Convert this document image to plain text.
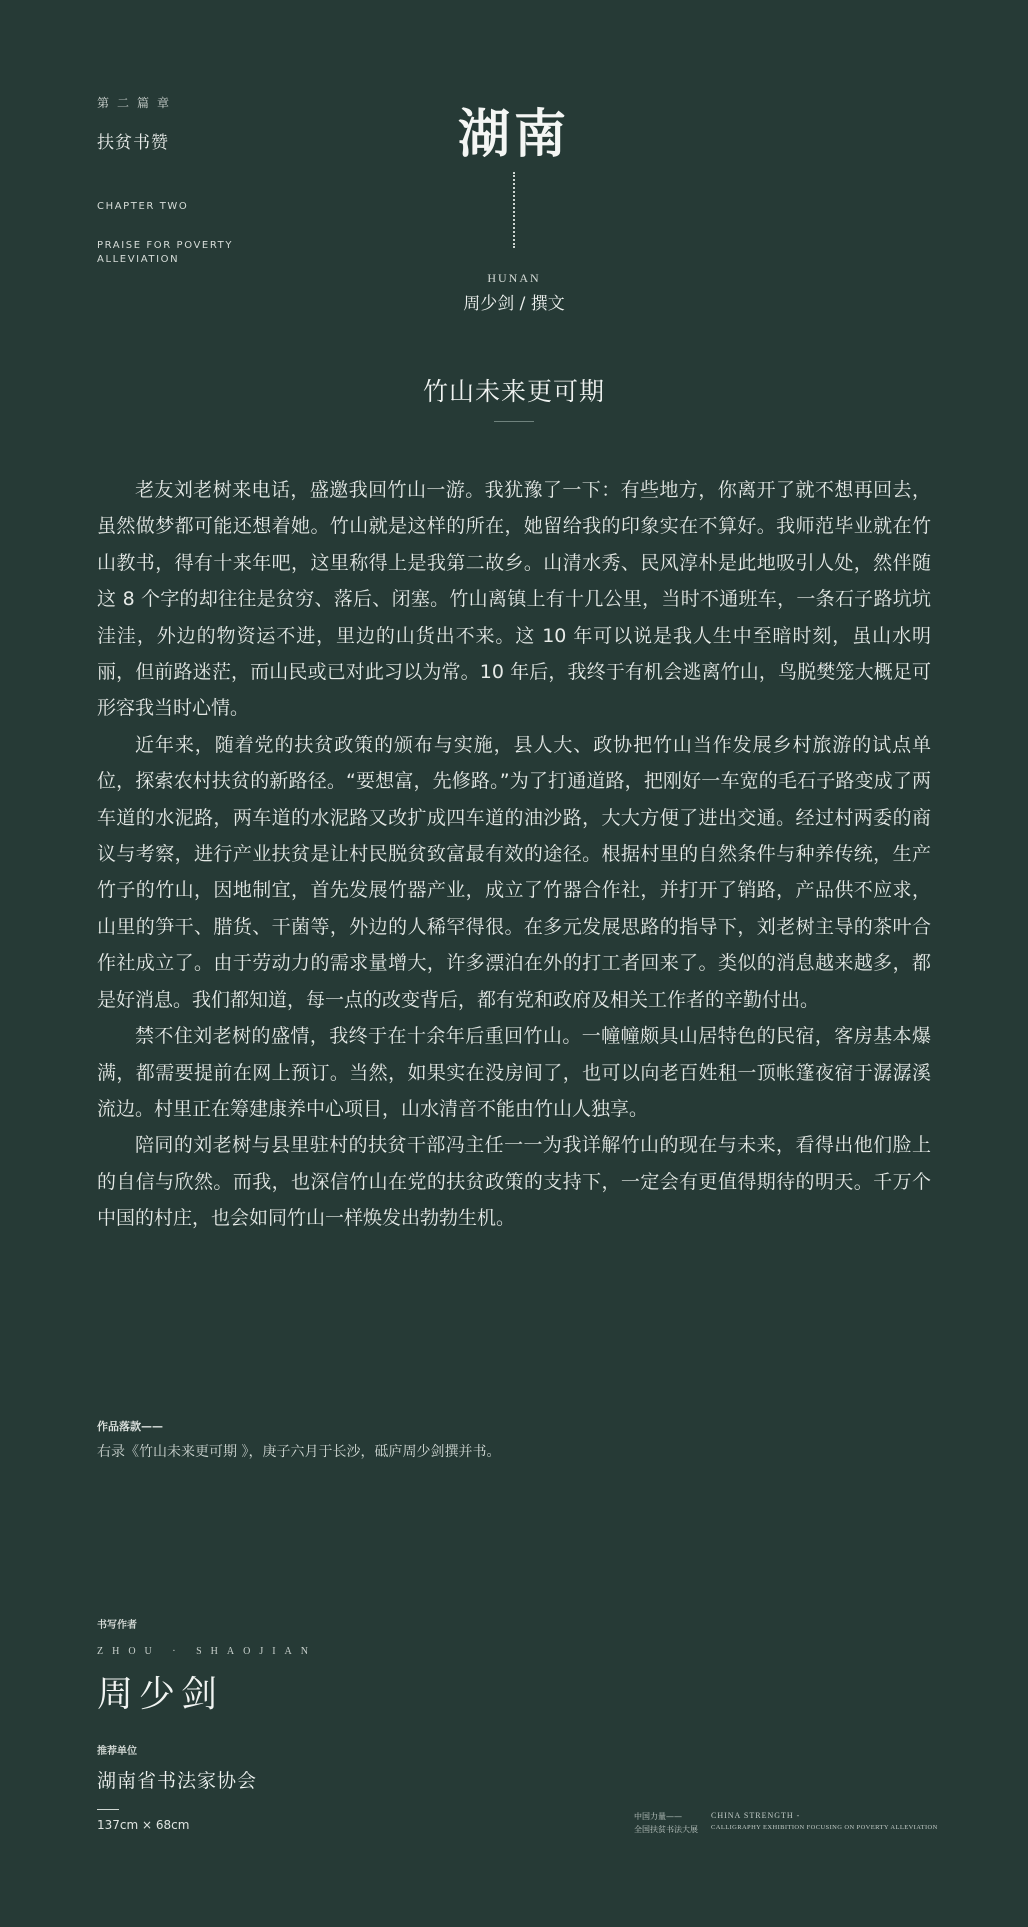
第二篇章
扶贫书赞
CHAPTER TWO
PRAISE FOR POVERTY ALLEVIATION
湖南
HUNAN
周少剑 / 撰文
竹山未来更可期

老友刘老树来电话，盛邀我回竹山一游。我犹豫了一下：有些地方，你离开了就不想再回去，虽然做梦都可能还想着她。竹山就是这样的所在，她留给我的印象实在不算好。我师范毕业就在竹山教书，得有十来年吧，这里称得上是我第二故乡。山清水秀、民风淳朴是此地吸引人处，然伴随这 8 个字的却往往是贫穷、落后、闭塞。竹山离镇上有十几公里，当时不通班车，一条石子路坑坑洼洼，外边的物资运不进，里边的山货出不来。这 10 年可以说是我人生中至暗时刻，虽山水明丽，但前路迷茫，而山民或已对此习以为常。10 年后，我终于有机会逃离竹山，鸟脱樊笼大概足可形容我当时心情。

近年来，随着党的扶贫政策的颁布与实施，县人大、政协把竹山当作发展乡村旅游的试点单位，探索农村扶贫的新路径。“要想富，先修路。”为了打通道路，把刚好一车宽的毛石子路变成了两车道的水泥路，两车道的水泥路又改扩成四车道的油沙路，大大方便了进出交通。经过村两委的商议与考察，进行产业扶贫是让村民脱贫致富最有效的途径。根据村里的自然条件与种养传统，生产竹子的竹山，因地制宜，首先发展竹器产业，成立了竹器合作社，并打开了销路，产品供不应求，山里的笋干、腊货、干菌等，外边的人稀罕得很。在多元发展思路的指导下，刘老树主导的茶叶合作社成立了。由于劳动力的需求量增大，许多漂泊在外的打工者回来了。类似的消息越来越多，都是好消息。我们都知道，每一点的改变背后，都有党和政府及相关工作者的辛勤付出。

禁不住刘老树的盛情，我终于在十余年后重回竹山。一幢幢颇具山居特色的民宿，客房基本爆满，都需要提前在网上预订。当然，如果实在没房间了，也可以向老百姓租一顶帐篷夜宿于潺潺溪流边。村里正在筹建康养中心项目，山水清音不能由竹山人独享。

陪同的刘老树与县里驻村的扶贫干部冯主任一一为我详解竹山的现在与未来，看得出他们脸上的自信与欣然。而我，也深信竹山在党的扶贫政策的支持下，一定会有更值得期待的明天。千万个中国的村庄，也会如同竹山一样焕发出勃勃生机。

作品落款——
右录《竹山未来更可期 》，庚子六月于长沙，砥庐周少剑撰并书。
书写作者
ZHOU · SHAOJIAN
周少剑
推荐单位
湖南省书法家协会
137cm × 68cm
中国力量——
全国扶贫书法大展
CHINA STRENGTH -
CALLIGRAPHY EXHIBITION FOCUSING ON POVERTY ALLEVIATION
